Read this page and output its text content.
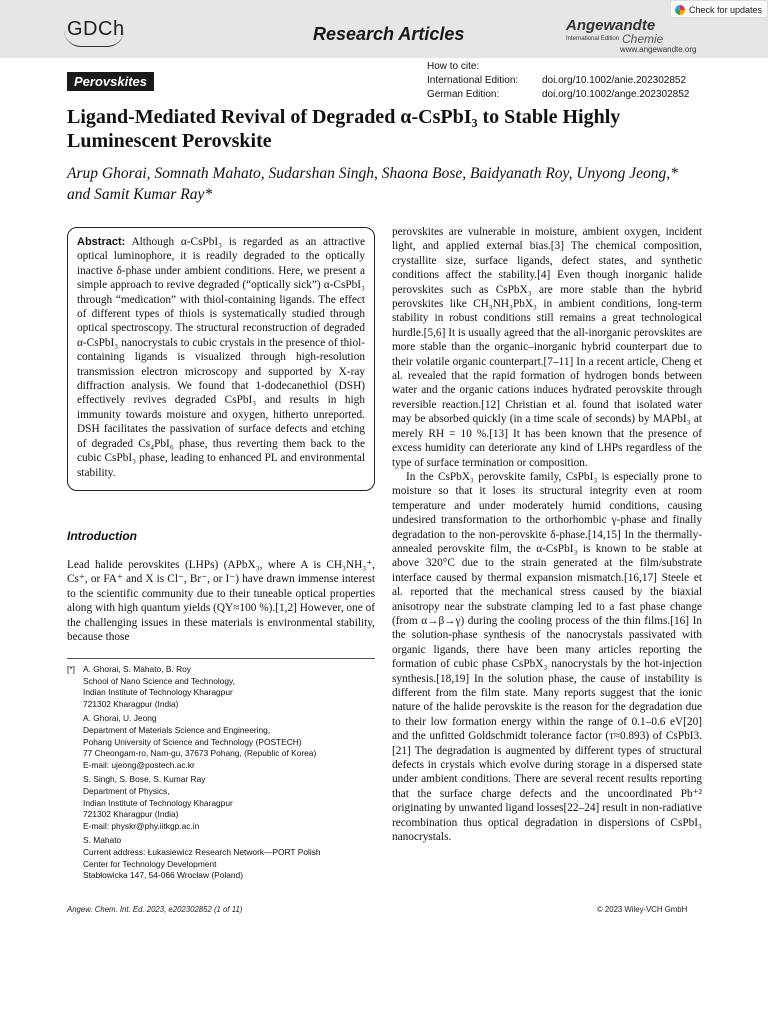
GDCh	Research Articles	Angewandte
International Edition Chemie
www.angewandte.org
Check for updates
Perovskites
How to cite:
International Edition:	doi.org/10.1002/anie.202302852
German Edition:	doi.org/10.1002/ange.202302852
Ligand-Mediated Revival of Degraded α-CsPbI₃ to Stable Highly Luminescent Perovskite
Arup Ghorai, Somnath Mahato, Sudarshan Singh, Shaona Bose, Baidyanath Roy, Unyong Jeong,* and Samit Kumar Ray*
Abstract: Although α-CsPbI₃ is regarded as an attractive optical luminophore, it is readily degraded to the optically inactive δ-phase under ambient conditions. Here, we present a simple approach to revive degraded (“optically sick”) α-CsPbI₃ through “medication” with thiol-containing ligands. The effect of different types of thiols is systematically studied through optical spectroscopy. The structural reconstruction of degraded α-CsPbI₃ nanocrystals to cubic crystals in the presence of thiol-containing ligands is visualized through high-resolution transmission electron microscopy and supported by X-ray diffraction analysis. We found that 1-dodecanethiol (DSH) effectively revives degraded CsPbI₃ and results in high immunity towards moisture and oxygen, hitherto unreported. DSH facilitates the passivation of surface defects and etching of degraded Cs₄PbI₆ phase, thus reverting them back to the cubic CsPbI₃ phase, leading to enhanced PL and environmental stability.
Introduction
Lead halide perovskites (LHPs) (APbX₃, where A is CH₃NH₃⁺, Cs⁺, or FA⁺ and X is Cl⁻, Br⁻, or I⁻) have drawn immense interest to the scientific community due to their tuneable optical properties along with high quantum yields (QY≈100 %).[1,2] However, one of the challenging issues in these materials is environmental stability, because those
[*] A. Ghorai, S. Mahato, B. Roy
School of Nano Science and Technology,
Indian Institute of Technology Kharagpur
721302 Kharagpur (India)
A. Ghorai, U. Jeong
Department of Materials Science and Engineering,
Pohang University of Science and Technology (POSTECH)
77 Cheongam-ro, Nam-gu, 37673 Pohang, (Republic of Korea)
E-mail: ujeong@postech.ac.kr
S. Singh, S. Bose, S. Kumar Ray
Department of Physics,
Indian Institute of Technology Kharagpur
721302 Kharagpur (India)
E-mail: physkr@phy.iitkgp.ac.in
S. Mahato
Current address: Łukasiewicz Research Network—PORT Polish
Center for Technology Development
Stabłowicka 147, 54-066 Wrocław (Poland)

perovskites are vulnerable in moisture, ambient oxygen, incident light, and applied external bias.[3] The chemical composition, crystallite size, surface ligands, defect states, and synthetic conditions affect the stability.[4] Even though inorganic halide perovskites such as CsPbX₃ are more stable than the hybrid perovskites like CH₃NH₃PbX₃ in ambient conditions, long-term stability in robust conditions still remains a great technological hurdle.[5,6] It is usually agreed that the all-inorganic perovskites are more stable than the organic–inorganic hybrid counterpart due to their volatile organic counterpart.[7–11] In a recent article, Cheng et al. revealed that the rapid formation of hydrogen bonds between water and the organic cations induces hydrated perovskite through reversible reaction.[12] Christian et al. found that isolated water may be absorbed quickly (in a time scale of seconds) by MAPbI₃ at merely RH = 10 %.[13] It has been known that the presence of excess humidity can deteriorate any kind of LHPs regardless of the type of surface termination or composition.

In the CsPbX₃ perovskite family, CsPbI₃ is especially prone to moisture so that it loses its structural integrity even at room temperature and under moderately humid conditions, causing undesired transformation to the orthorhombic γ-phase and finally degradation to the non-perovskite δ-phase.[14,15] In the thermally-annealed perovskite film, the α-CsPbI₃ is known to be stable at above 320°C due to the strain generated at the film/substrate interface caused by thermal expansion mismatch.[16,17] Steele et al. reported that the mechanical stress caused by the biaxial anisotropy near the substrate clamping led to a fast phase change (from α→β→γ) during the cooling process of the thin films.[16] In the solution-phase synthesis of the nanocrystals passivated with organic ligands, there have been many articles reporting the formation of cubic phase CsPbX₃ nanocrystals by the hot-injection synthesis.[18,19] In the solution phase, the cause of instability is different from the film state. Many reports suggest that the ionic nature of the halide perovskite is the reason for the degradation due to their low formation energy within the range of 0.1–0.6 eV[20] and the unfitted Goldschmidt tolerance factor (τ≈0.893) of CsPbI3.[21] The degradation is augmented by different types of structural defects in crystals which evolve during storage in a dispersed state under ambient conditions. There are several recent results reporting that the surface charge defects and the uncoordinated Pb⁺² originating by unwanted ligand losses[22–24] result in non-radiative recombination thus optical degradation in dispersions of CsPbI₃ nanocrystals.

Angew. Chem. Int. Ed. 2023, e202302852 (1 of 11)	© 2023 Wiley-VCH GmbH
